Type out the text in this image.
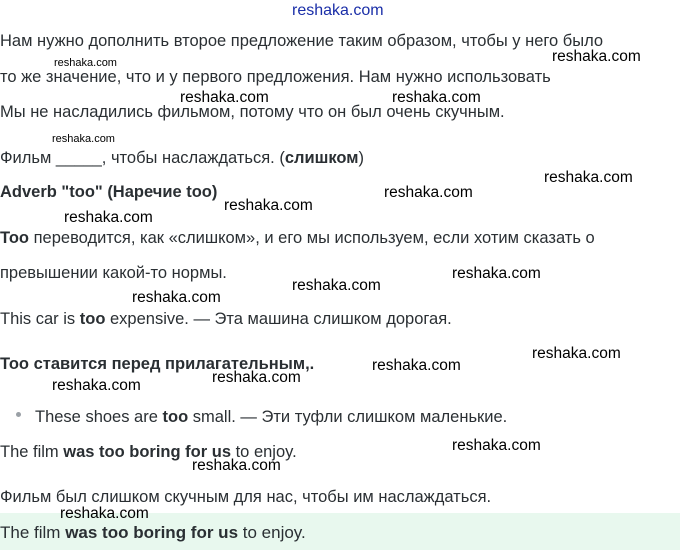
reshaka.com
Нам нужно дополнить второе предложение таким образом, чтобы у него было
то же значение, что и у первого предложения. Нам нужно использовать
Мы не насладились фильмом, потому что он был очень скучным.
Фильм _____, чтобы наслаждаться. (слишком)
Adverb "too" (Наречие too)
Too переводится, как «слишком», и его мы используем, если хотим сказать о
превышении какой-то нормы.
This car is too expensive. — Эта машина слишком дорогая.
Too ставится перед прилагательным,.
These shoes are too small. — Эти туфли слишком маленькие.
The film was too boring for us to enjoy.
Фильм был слишком скучным для нас, чтобы им наслаждаться.
The film was too boring for us to enjoy.
reshaka.com	reshaka.com
reshaka.com	reshaka.com
reshaka.com
reshaka.com
reshaka.com
reshaka.com
reshaka.com
reshaka.com
reshaka.com
reshaka.com
reshaka.com
reshaka.com
reshaka.com
reshaka.com
reshaka.com
reshaka.com
reshaka.com
